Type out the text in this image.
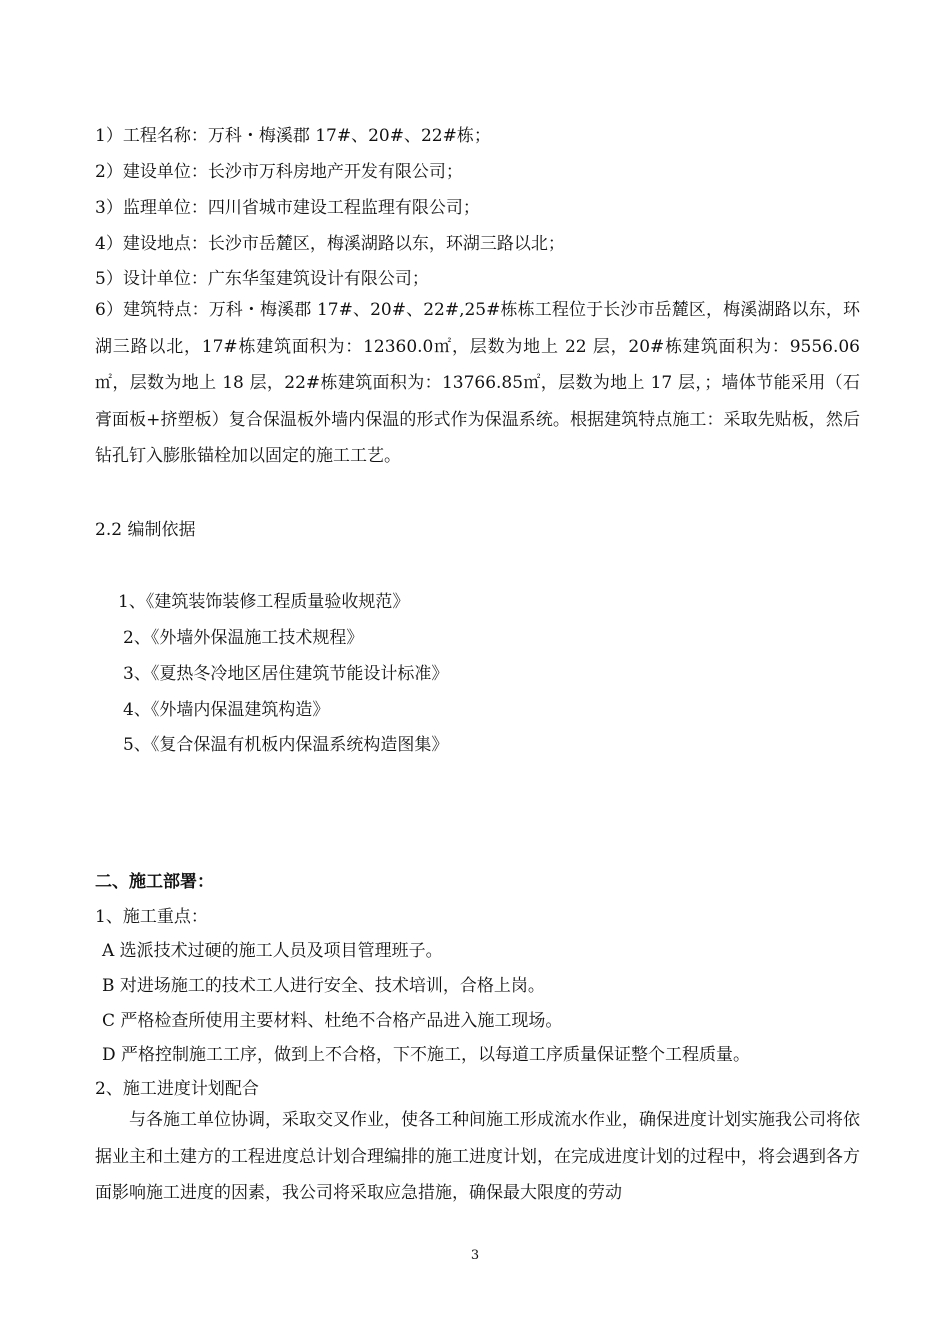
1）工程名称：万科・梅溪郡 17#、20#、22#栋；
2）建设单位：长沙市万科房地产开发有限公司；
3）监理单位：四川省城市建设工程监理有限公司；
4）建设地点：长沙市岳麓区，梅溪湖路以东，环湖三路以北；
5）设计单位：广东华玺建筑设计有限公司；
6）建筑特点：万科・梅溪郡 17#、20#、22#,25#栋栋工程位于长沙市岳麓区，梅溪湖路以东，环湖三路以北，17#栋建筑面积为：12360.0㎡，层数为地上 22 层，20#栋建筑面积为：9556.06㎡，层数为地上 18 层，22#栋建筑面积为：13766.85㎡，层数为地上 17 层，；墙体节能采用（石膏面板+挤塑板）复合保温板外墙内保温的形式作为保温系统。根据建筑特点施工：采取先贴板，然后钻孔钉入膨胀锚栓加以固定的施工工艺。
2.2 编制依据
1、《建筑装饰装修工程质量验收规范》
2、《外墙外保温施工技术规程》
3、《夏热冬冷地区居住建筑节能设计标准》
4、《外墙内保温建筑构造》
5、《复合保温有机板内保温系统构造图集》
二、施工部署：
1、施工重点：
A 选派技术过硬的施工人员及项目管理班子。
B 对进场施工的技术工人进行安全、技术培训，合格上岗。
C 严格检查所使用主要材料、杜绝不合格产品进入施工现场。
D 严格控制施工工序，做到上不合格，下不施工，以每道工序质量保证整个工程质量。
2、施工进度计划配合
与各施工单位协调，采取交叉作业，使各工种间施工形成流水作业，确保进度计划实施我公司将依据业主和土建方的工程进度总计划合理编排的施工进度计划，在完成进度计划的过程中，将会遇到各方面影响施工进度的因素，我公司将采取应急措施，确保最大限度的劳动
3
